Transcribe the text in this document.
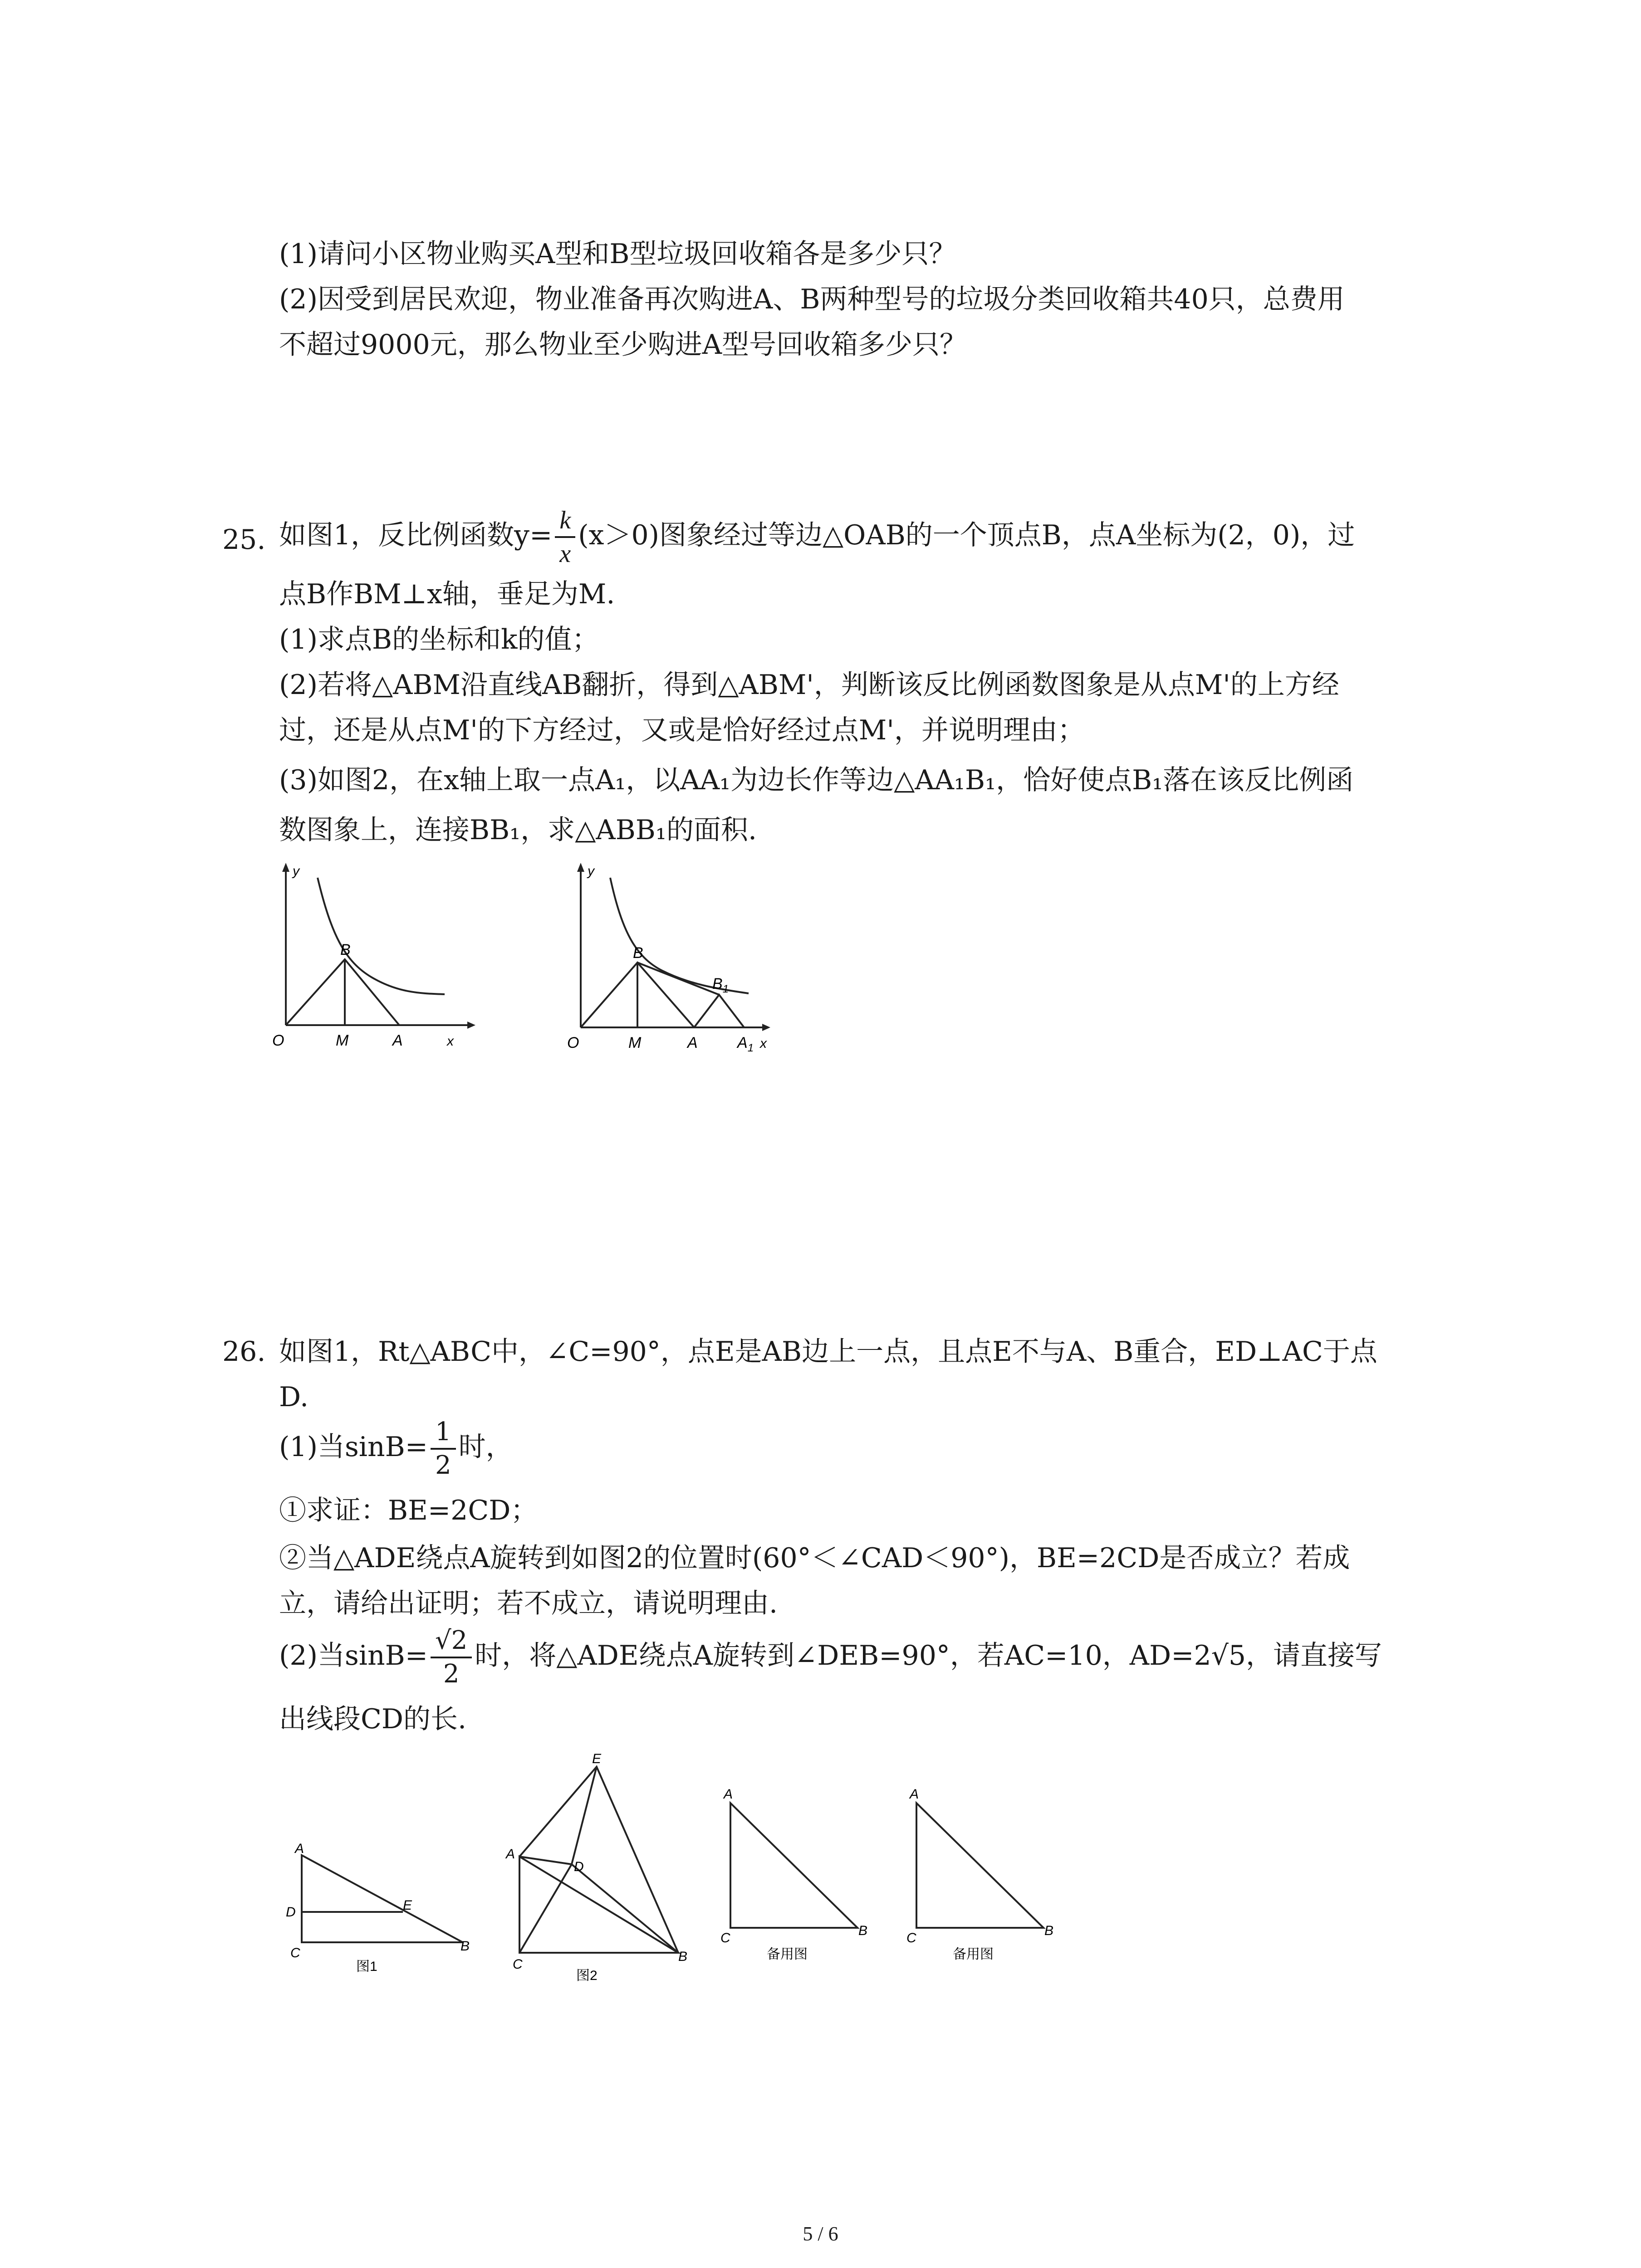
(1)请问小区物业购买A型和B型垃圾回收箱各是多少只？
(2)因受到居民欢迎，物业准备再次购进A、B两种型号的垃圾分类回收箱共40只，总费用
不超过9000元，那么物业至少购进A型号回收箱多少只？
25. 如图1，反比例函数$y= \frac{k}{x} (x>0)$图象经过等边△OAB的一个顶点B，点A坐标为(2，0)，过
点B作BM⊥x轴，垂足为M.
(1)求点B的坐标和k的值；
(2)若将△ABM沿直线AB翻折，得到△ABM'，判断该反比例函数图象是从点M'的上方经
过，还是从点M'的下方经过，又或是恰好经过点M'，并说明理由；
(3)如图2，在x轴上取一点A₁，以AA₁为边长作等边△AA₁B₁，恰好使点B₁落在该反比例函
数图象上，连接BB₁，求△ABB₁的面积.
y
B
O	M	A	x
y
B
$B_1$
O	M	A	$A_1$ x
26. 如图1，Rt△ABC中，∠C=90°，点E是AB边上一点，且点E不与A、B重合，ED⊥AC于点
D.
(1)当$\sin B= \frac{1}{2}$ 时，
①求证：BE=2CD；
②当△ADE绕点A旋转到如图2的位置时(60°＜∠CAD＜90°)，BE=2CD是否成立？若成
立，请给出证明；若不成立，请说明理由.
(2)当$\sin B= \frac{√2}{2}$ 时，将△ADE绕点A旋转到∠DEB=90°，若AC=10，AD=2√5，请直接写
出线段CD的长.
A
D	E
C	B
图1
E
A
D
C
B
图2
A
C	B
备用图
A
C	B
备用图
5 / 6
